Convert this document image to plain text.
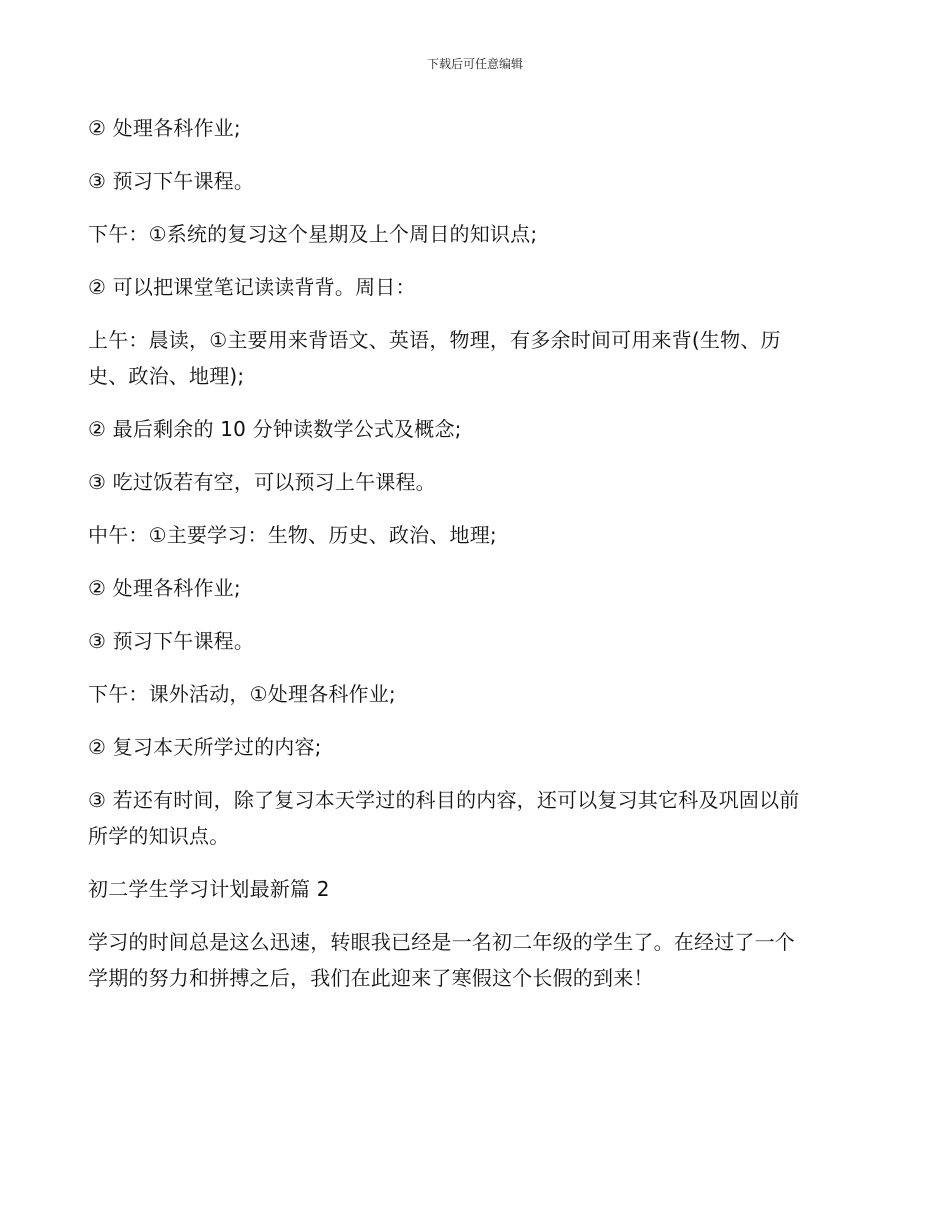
下载后可任意编辑

② 处理各科作业;

③ 预习下午课程。

下午：①系统的复习这个星期及上个周日的知识点;

② 可以把课堂笔记读读背背。周日：

上午：晨读，①主要用来背语文、英语，物理，有多余时间可用来背(生物、历
史、政治、地理);

② 最后剩余的 10 分钟读数学公式及概念;

③ 吃过饭若有空，可以预习上午课程。

中午：①主要学习：生物、历史、政治、地理;

② 处理各科作业;

③ 预习下午课程。

下午：课外活动，①处理各科作业;

② 复习本天所学过的内容;

③ 若还有时间，除了复习本天学过的科目的内容，还可以复习其它科及巩固以前
所学的知识点。

初二学生学习计划最新篇 2

学习的时间总是这么迅速，转眼我已经是一名初二年级的学生了。在经过了一个
学期的努力和拼搏之后，我们在此迎来了寒假这个长假的到来！
